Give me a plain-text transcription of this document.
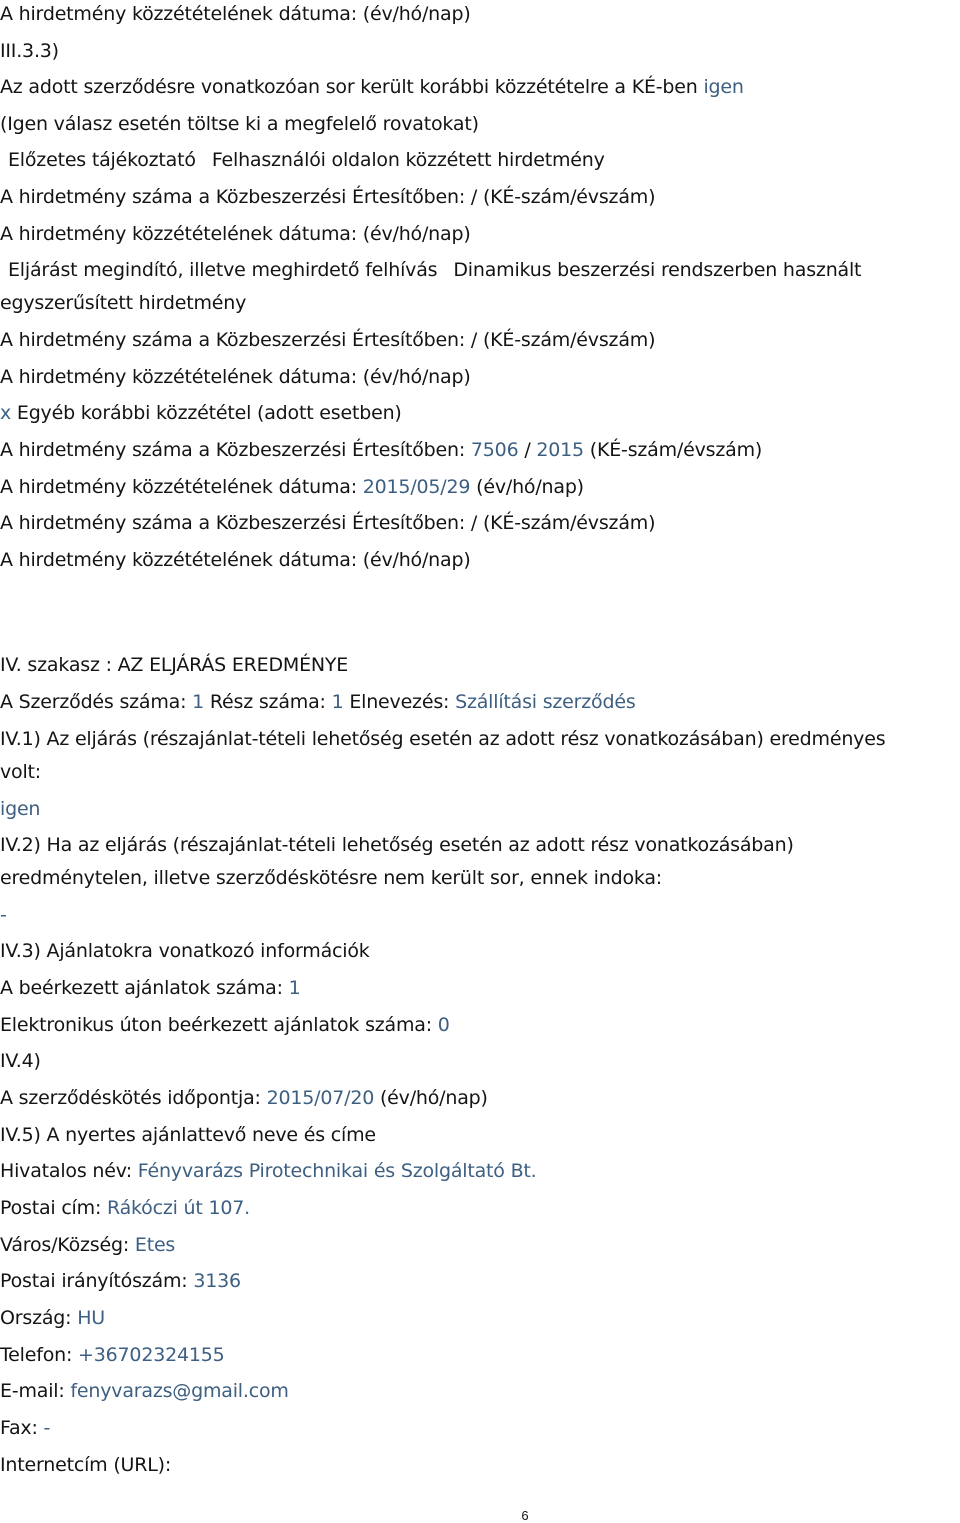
A hirdetmény közzétételének dátuma: (év/hó/nap)
III.3.3)
Az adott szerződésre vonatkozóan sor került korábbi közzétételre a KÉ-ben igen
(Igen válasz esetén töltse ki a megfelelő rovatokat)
Előzetes tájékoztató Felhasználói oldalon közzétett hirdetmény
A hirdetmény száma a Közbeszerzési Értesítőben: / (KÉ-szám/évszám)
A hirdetmény közzétételének dátuma: (év/hó/nap)
Eljárást megindító, illetve meghirdető felhívás Dinamikus beszerzési rendszerben használt
egyszerűsített hirdetmény
A hirdetmény száma a Közbeszerzési Értesítőben: / (KÉ-szám/évszám)
A hirdetmény közzétételének dátuma: (év/hó/nap)
x Egyéb korábbi közzététel (adott esetben)
A hirdetmény száma a Közbeszerzési Értesítőben: 7506 / 2015 (KÉ-szám/évszám)
A hirdetmény közzétételének dátuma: 2015/05/29 (év/hó/nap)
A hirdetmény száma a Közbeszerzési Értesítőben: / (KÉ-szám/évszám)
A hirdetmény közzétételének dátuma: (év/hó/nap)
IV. szakasz : AZ ELJÁRÁS EREDMÉNYE
A Szerződés száma: 1 Rész száma: 1 Elnevezés: Szállítási szerződés
IV.1) Az eljárás (részajánlat-tételi lehetőség esetén az adott rész vonatkozásában) eredményes
volt:
igen
IV.2) Ha az eljárás (részajánlat-tételi lehetőség esetén az adott rész vonatkozásában)
eredménytelen, illetve szerződéskötésre nem került sor, ennek indoka:
-
IV.3) Ajánlatokra vonatkozó információk
A beérkezett ajánlatok száma: 1
Elektronikus úton beérkezett ajánlatok száma: 0
IV.4)
A szerződéskötés időpontja: 2015/07/20 (év/hó/nap)
IV.5) A nyertes ajánlattevő neve és címe
Hivatalos név: Fényvarázs Pirotechnikai és Szolgáltató Bt.
Postai cím: Rákóczi út 107.
Város/Község: Etes
Postai irányítószám: 3136
Ország: HU
Telefon: +36702324155
E-mail: fenyvarazs@gmail.com
Fax: -
Internetcím (URL):
6
